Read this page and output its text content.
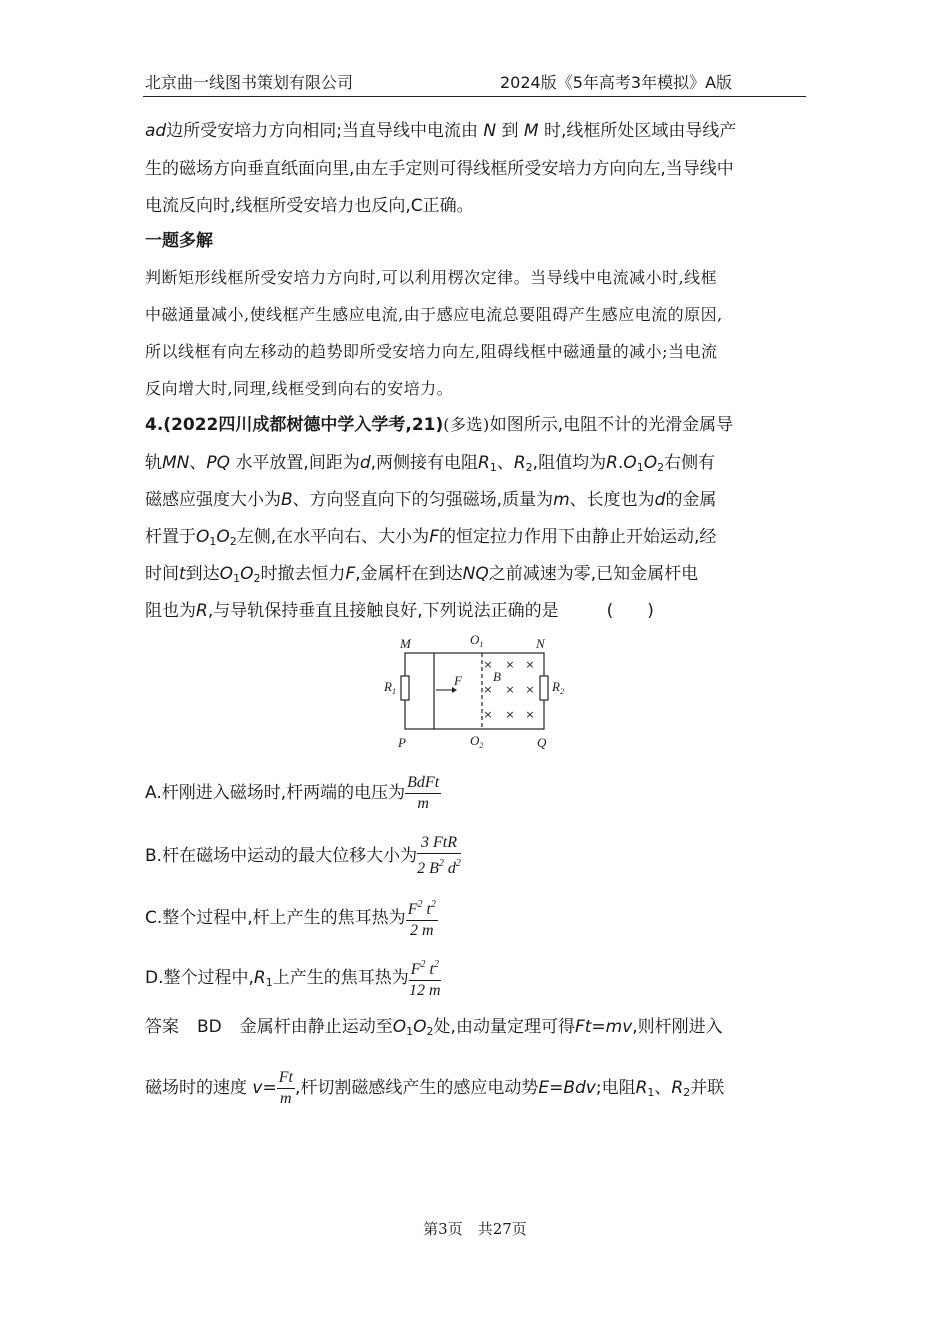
北京曲一线图书策划有限公司	2024版《5年高考3年模拟》A版
ad边所受安培力方向相同;当直导线中电流由 N 到 M 时,线框所处区域由导线产
生的磁场方向垂直纸面向里,由左手定则可得线框所受安培力方向向左,当导线中
电流反向时,线框所受安培力也反向,C正确。
一题多解
判断矩形线框所受安培力方向时,可以利用楞次定律。当导线中电流减小时,线框
中磁通量减小,使线框产生感应电流,由于感应电流总要阻碍产生感应电流的原因,
所以线框有向左移动的趋势即所受安培力向左,阻碍线框中磁通量的减小;当电流
反向增大时,同理,线框受到向右的安培力。
4.(2022四川成都树德中学入学考,21)(多选)如图所示,电阻不计的光滑金属导
轨MN、PQ 水平放置,间距为d,两侧接有电阻$R_1$、$R_2$,阻值均为$R.O_1O_2$右侧有
磁感应强度大小为B、方向竖直向下的匀强磁场,质量为m、长度也为d的金属
杆置于$O_1O_2$左侧,在水平向右、大小为F的恒定拉力作用下由静止开始运动,经
时间t到达$O_1O_2$时撤去恒力F,金属杆在到达NQ之前减速为零,已知金属杆电
阻也为R,与导轨保持垂直且接触良好,下列说法正确的是	(　　)
M	N
P	Q
$O_1$
$O_2$
$R_1$	$R_2$
F B
× × ×
× × ×
× × ×
A.杆刚进入磁场时,杆两端的电压为 $\frac{\text{BdFt}}{m}$
B.杆在磁场中运动的最大位移大小为 $\frac{\text{3 FtR}}{2 B^2 d^2}$
C.整个过程中,杆上产生的焦耳热为 $\frac{F^2 t^2}{2 m}$
D.整个过程中$,R_1$上产生的焦耳热为 $\frac{F^2 t^2}{12 m}$
答案 BD 金属杆由静止运动至$O_1O_2$处,由动量定理可得Ft=mv,则杆刚进入
磁场时的速度 $v= \frac{Ft}{m}$ ,杆切割磁感线产生的感应电动势E=Bdv;电阻$R_1$、$R_2$并联
第3页　共27页
